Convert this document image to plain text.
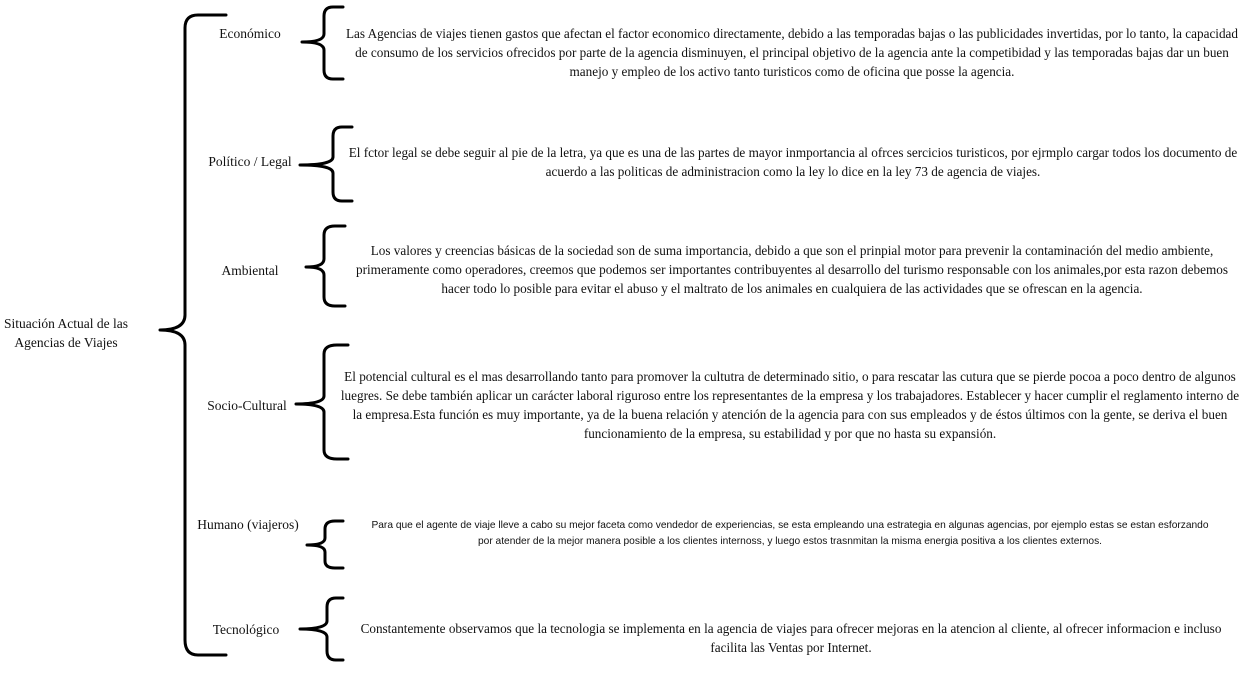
Situación Actual de las Agencias de Viajes
Económico
Político / Legal
Ambiental
Socio-Cultural
Humano (viajeros)
Tecnológico
Las Agencias de viajes tienen gastos que afectan el factor economico directamente, debido a las temporadas bajas o las publicidades invertidas, por lo tanto, la capacidad de consumo de los servicios ofrecidos por parte de la agencia disminuyen, el principal objetivo de la agencia ante la competibidad y las temporadas bajas dar un buen manejo y empleo de los activo tanto turisticos como de oficina que posse la agencia.
El fctor legal se debe seguir al pie de la letra, ya que es una de las partes de mayor inmportancia al ofrces sercicios turisticos, por ejrmplo cargar todos los documento de acuerdo a las politicas de administracion como la ley lo dice en la ley 73 de agencia de viajes.
Los valores y creencias básicas de la sociedad son de suma importancia, debido a que son el prinpial motor para prevenir la contaminación del medio ambiente, primeramente como operadores, creemos que podemos ser importantes contribuyentes al desarrollo del turismo responsable con los animales,por esta razon debemos hacer todo lo posible para evitar el abuso y el maltrato de los animales en cualquiera de las actividades que se ofrescan en la agencia.
El potencial cultural es el mas desarrollando tanto para promover la cultutra de determinado sitio, o para rescatar las cutura que se pierde pocoa a poco dentro de algunos luegres. Se debe también aplicar un carácter laboral riguroso entre los representantes de la empresa y los trabajadores. Establecer y hacer cumplir el reglamento interno de la empresa.Esta función es muy importante, ya de la buena relación y atención de la agencia para con sus empleados y de éstos últimos con la gente, se deriva el buen funcionamiento de la empresa, su estabilidad y por que no hasta su expansión.
Para que el agente de viaje lleve a cabo su mejor faceta como vendedor de experiencias, se esta empleando una estrategia en algunas agencias, por ejemplo estas se estan esforzando por atender de la mejor manera posible a los clientes internoss, y luego estos trasnmitan la misma energia positiva a los clientes externos.
Constantemente observamos que la tecnologia se implementa en la agencia de viajes para ofrecer mejoras en la atencion al cliente, al ofrecer informacion e incluso facilita las Ventas por Internet.
